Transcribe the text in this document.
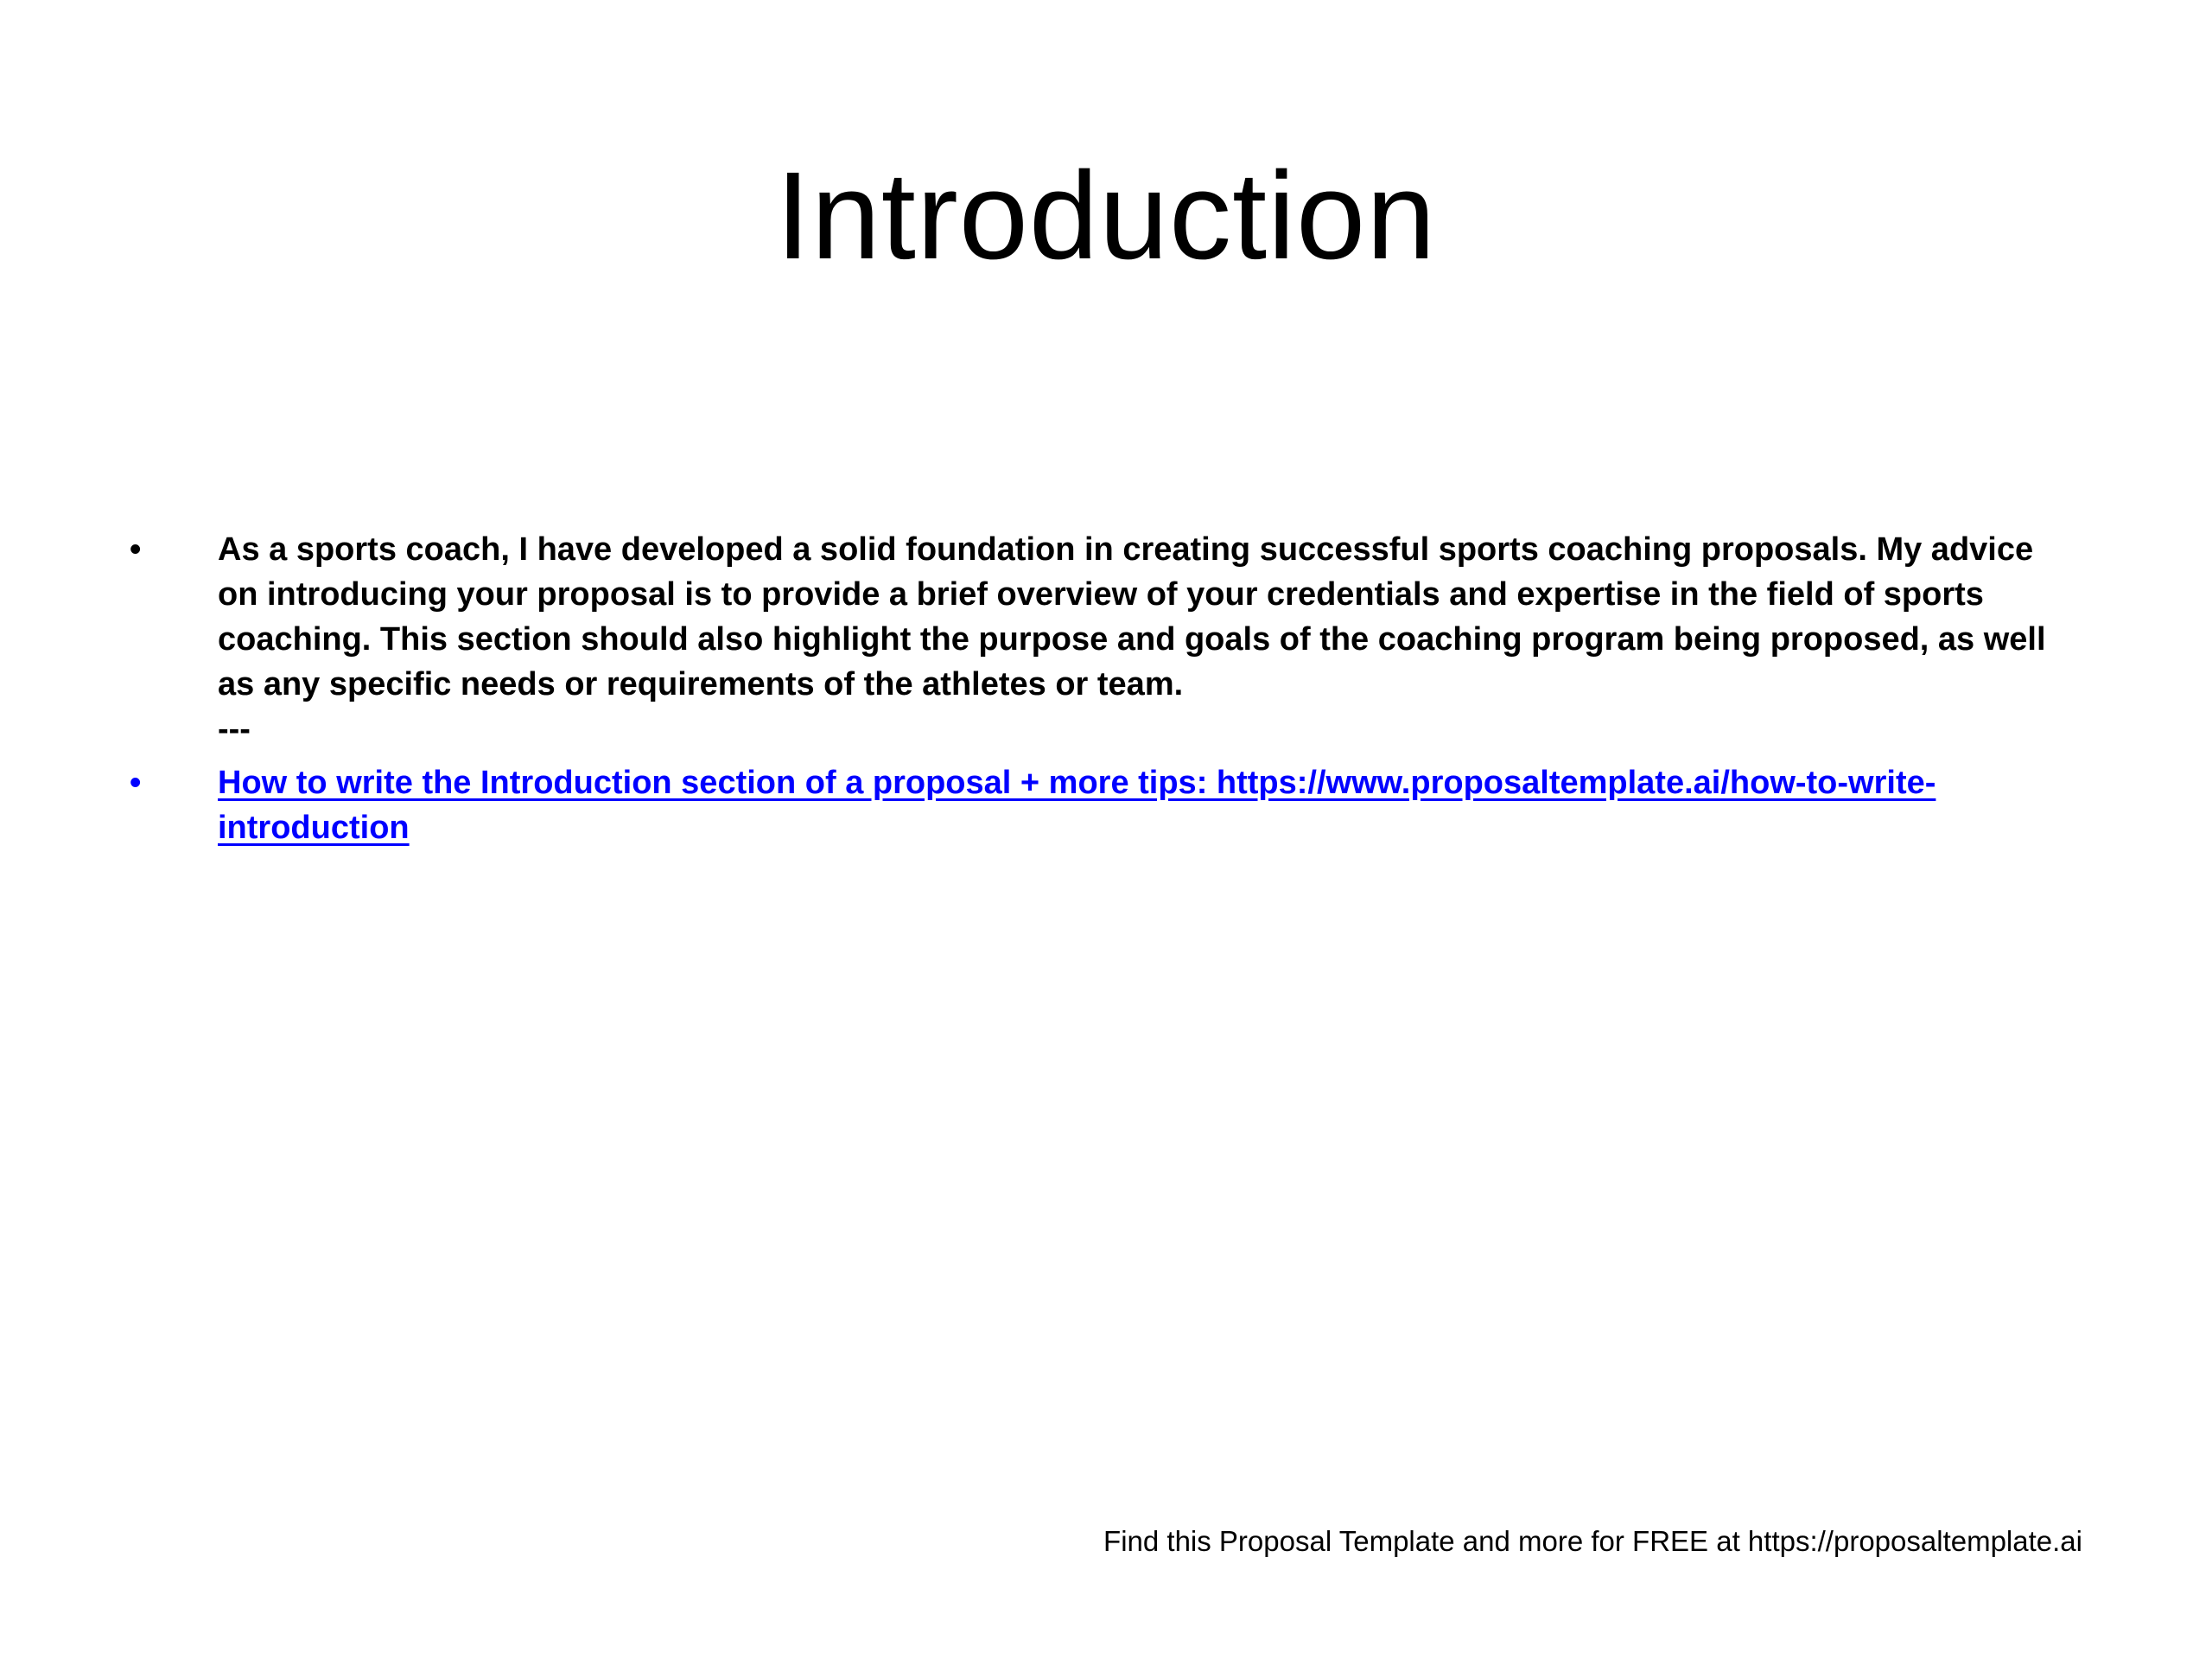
Introduction
•	As a sports coach, I have developed a solid foundation in creating successful sports coaching proposals. My advice on introducing your proposal is to provide a brief overview of your credentials and expertise in the field of sports coaching. This section should also highlight the purpose and goals of the coaching program being proposed, as well as any specific needs or requirements of the athletes or team.
---
•	How to write the Introduction section of a proposal + more tips: https://www.proposaltemplate.ai/how-to-write-introduction
Find this Proposal Template and more for FREE at https://proposaltemplate.ai
